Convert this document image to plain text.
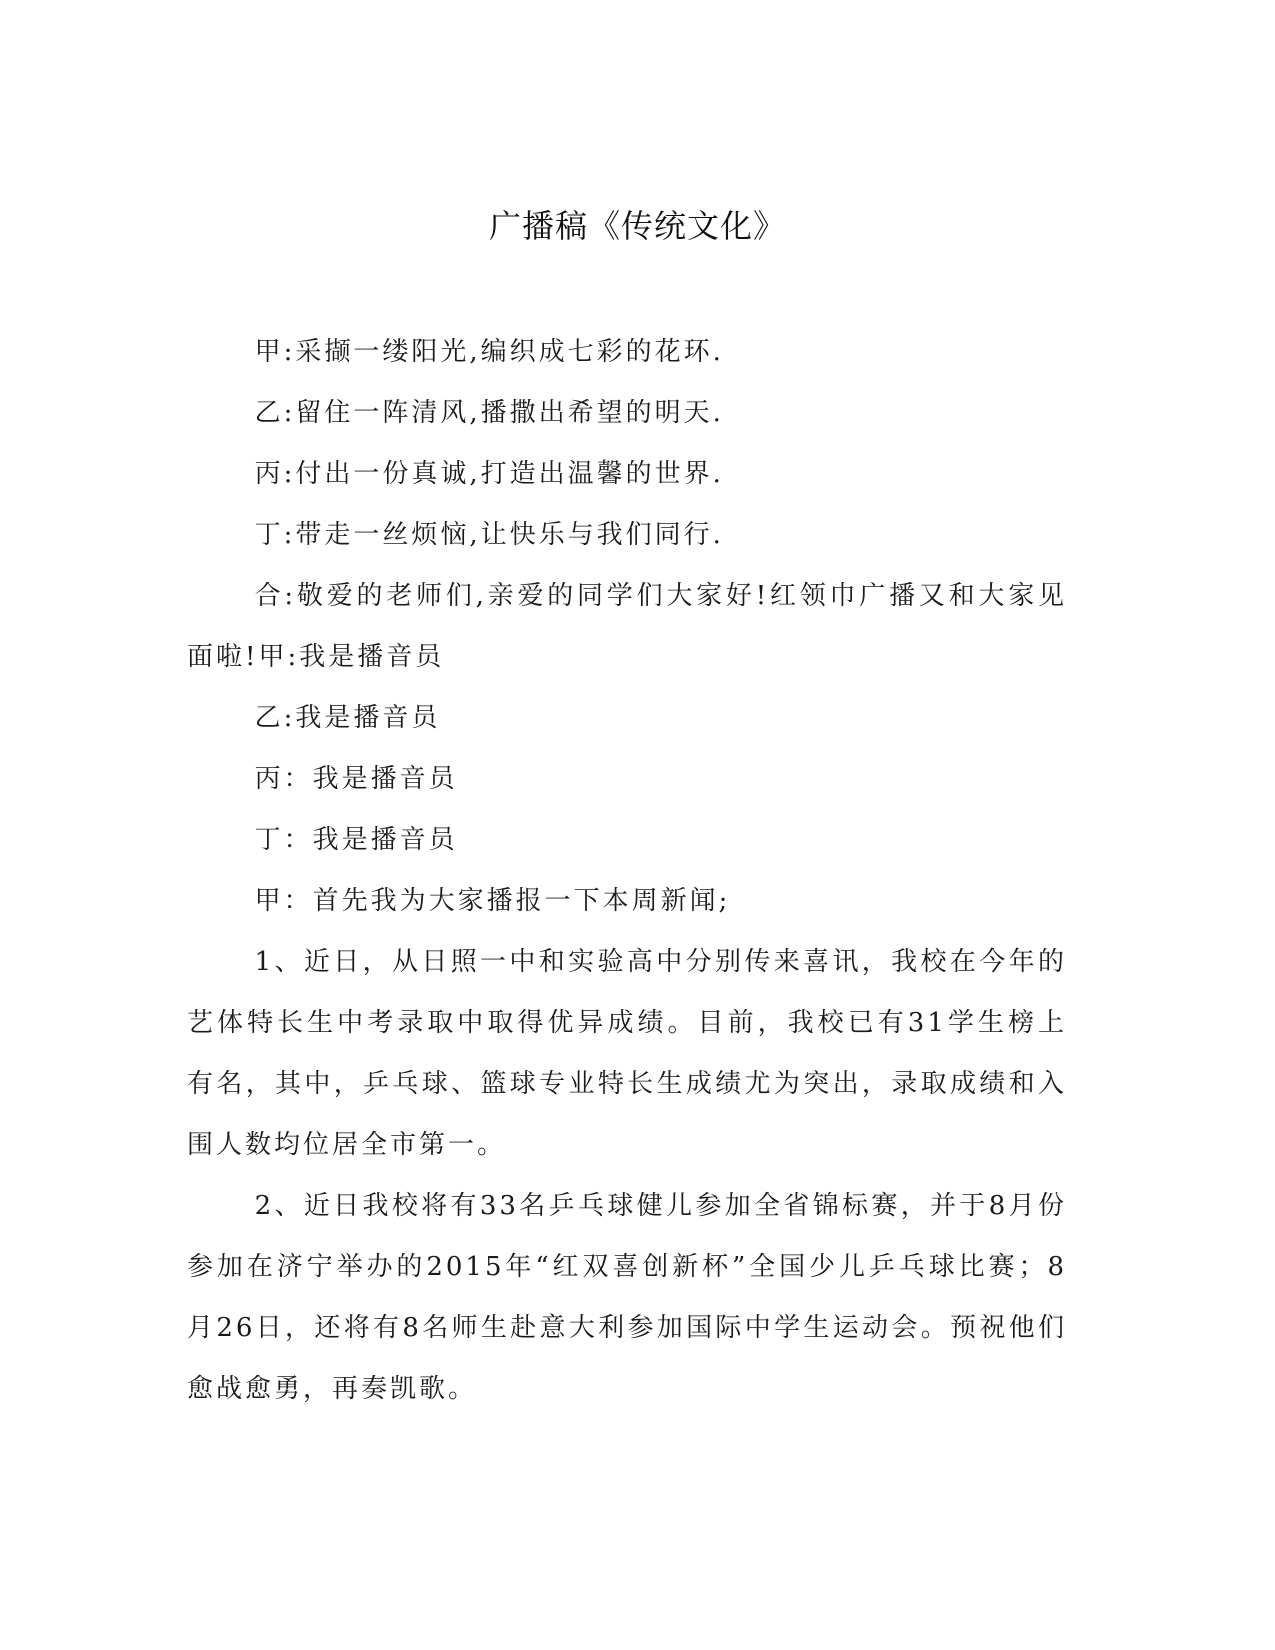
广播稿《传统文化》

甲:采撷一缕阳光,编织成七彩的花环.

乙:留住一阵清风,播撒出希望的明天.

丙:付出一份真诚,打造出温馨的世界.

丁:带走一丝烦恼,让快乐与我们同行.

合:敬爱的老师们,亲爱的同学们大家好!红领巾广播又和大家见面啦!甲:我是播音员

乙:我是播音员

丙：我是播音员

丁：我是播音员

甲：首先我为大家播报一下本周新闻;

1、近日，从日照一中和实验高中分别传来喜讯，我校在今年的艺体特长生中考录取中取得优异成绩。目前，我校已有31学生榜上有名，其中，乒乓球、篮球专业特长生成绩尤为突出，录取成绩和入围人数均位居全市第一。

2、近日我校将有33名乒乓球健儿参加全省锦标赛，并于8月份参加在济宁举办的2015年“红双喜创新杯”全国少儿乒乓球比赛；8月26日，还将有8名师生赴意大利参加国际中学生运动会。预祝他们愈战愈勇，再奏凯歌。
